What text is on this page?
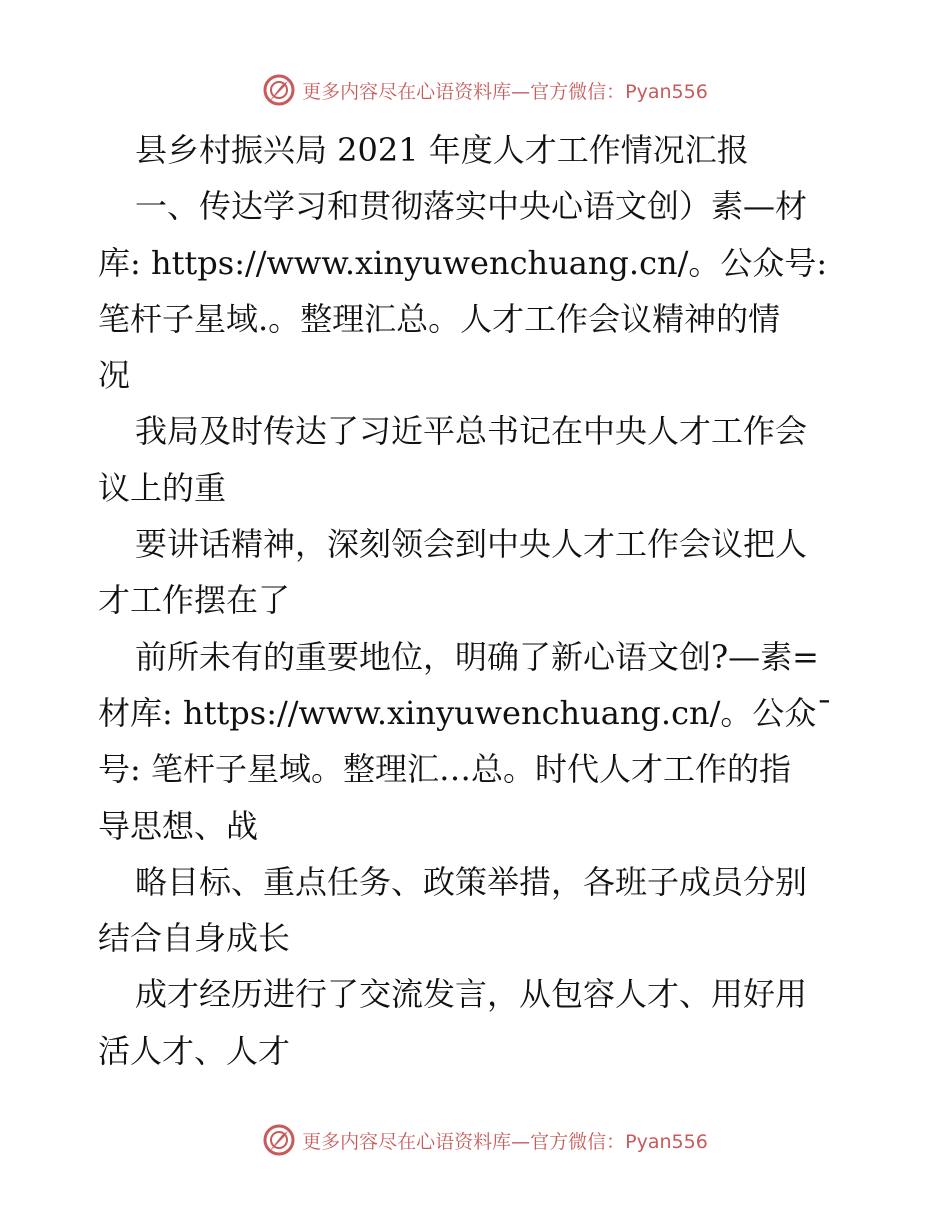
更多内容尽在心语资料库—官方微信：Pyan556
县乡村振兴局 2021 年度人才工作情况汇报
一、传达学习和贯彻落实中央心语文创）素—材
库: https://www.xinyuwenchuang.cn/。公众号:
笔杆子星域.。整理汇总。人才工作会议精神的情
况
我局及时传达了习近平总书记在中央人才工作会
议上的重
要讲话精神，深刻领会到中央人才工作会议把人
才工作摆在了
前所未有的重要地位，明确了新心语文创?—素=
材库: https://www.xinyuwenchuang.cn/。公众¯
号: 笔杆子星域。整理汇…总。时代人才工作的指
导思想、战
略目标、重点任务、政策举措，各班子成员分别
结合自身成长
成才经历进行了交流发言，从包容人才、用好用
活人才、人才
更多内容尽在心语资料库—官方微信：Pyan556
